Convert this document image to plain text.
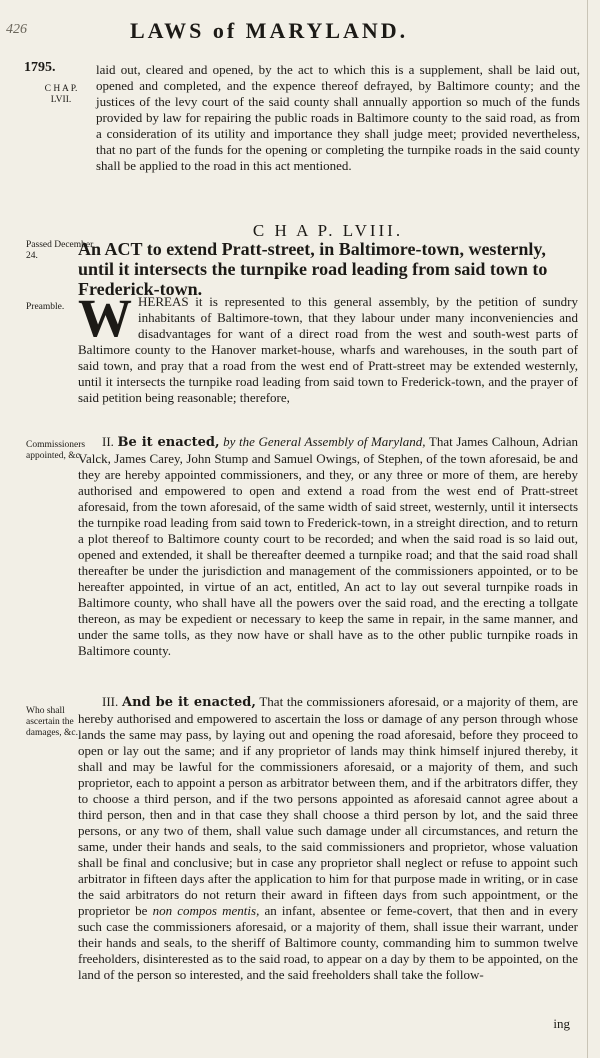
426	LAWS of MARYLAND.
1795.
C H A P.
LVII.

laid out, cleared and opened, by the act to which this is a supplement, shall be laid out, opened and completed, and the expence thereof defrayed, by Baltimore county; and the justices of the levy court of the said county shall annually apportion so much of the funds provided by law for repairing the public roads in Baltimore county to the said road, as from a consideration of its utility and importance they shall judge meet; provided nevertheless, that no part of the funds for the opening or completing the turnpike roads in the said county shall be applied to the road in this act mentioned.

C H A P. LVIII.
Passed December 24.	An ACT to extend Pratt-street, in Baltimore-town, westernly, until it intersects the turnpike road leading from said town to Frederick-town.
Preamble. W HEREAS it is represented to this general assembly, by the petition of sundry inhabitants of Baltimore-town, that they labour under many inconveniencies and disadvantages for want of a direct road from the west and south-west parts of Baltimore county to the Hanover market-house, wharfs and warehouses, in the south part of said town, and pray that a road from the west end of Pratt-street may be extended westernly, until it intersects the turnpike road leading from said town to Frederick-town, and the prayer of said petition being reasonable; therefore,

Commissioners appointed, &c.

II. Be it enacted, by the General Assembly of Maryland, That James Calhoun, Adrian Valck, James Carey, John Stump and Samuel Owings, of Stephen, of the town aforesaid, be and they are hereby appointed commissioners, and they, or any three or more of them, are hereby authorised and empowered to open and extend a road from the west end of Pratt-street aforesaid, from the town aforesaid, of the same width of said street, westernly, until it intersects the turnpike road leading from said town to Frederick-town, in a streight direction, and to return a plot thereof to Baltimore county court to be recorded; and when the said road is so laid out, opened and extended, it shall be thereafter deemed a turnpike road; and that the said road shall thereafter be under the jurisdiction and management of the commissioners appointed, or to be hereafter appointed, in virtue of an act, entitled, An act to lay out several turnpike roads in Baltimore county, who shall have all the powers over the said road, and the erecting a tollgate thereon, as may be expedient or necessary to keep the same in repair, in the same manner, and under the same tolls, as they now have or shall have as to the other public turnpike roads in Baltimore county.

Who shall ascertain the damages, &c.

III. And be it enacted, That the commissioners aforesaid, or a majority of them, are hereby authorised and empowered to ascertain the loss or damage of any person through whose lands the same may pass, by laying out and opening the road aforesaid, before they proceed to open or lay out the same; and if any proprietor of lands may think himself injured thereby, it shall and may be lawful for the commissioners aforesaid, or a majority of them, and such proprietor, each to appoint a person as arbitrator between them, and if the arbitrators differ, they to choose a third person, and if the two persons appointed as aforesaid cannot agree about a third person, then and in that case they shall choose a third person by lot, and the said three persons, or any two of them, shall value such damage under all circumstances, and return the same, under their hands and seals, to the said commissioners and proprietor, whose valuation shall be final and conclusive; but in case any proprietor shall neglect or refuse to appoint such arbitrator in fifteen days after the application to him for that purpose made in writing, or in case the said arbitrators do not return their award in fifteen days from such appointment, or the proprietor be non compos mentis, an infant, absentee or feme-covert, that then and in every such case the commissioners aforesaid, or a majority of them, shall issue their warrant, under their hands and seals, to the sheriff of Baltimore county, commanding him to summon twelve freeholders, disinterested as to the said road, to appear on a day by them to be appointed, on the land of the person so interested, and the said freeholders shall take the follow-

ing
